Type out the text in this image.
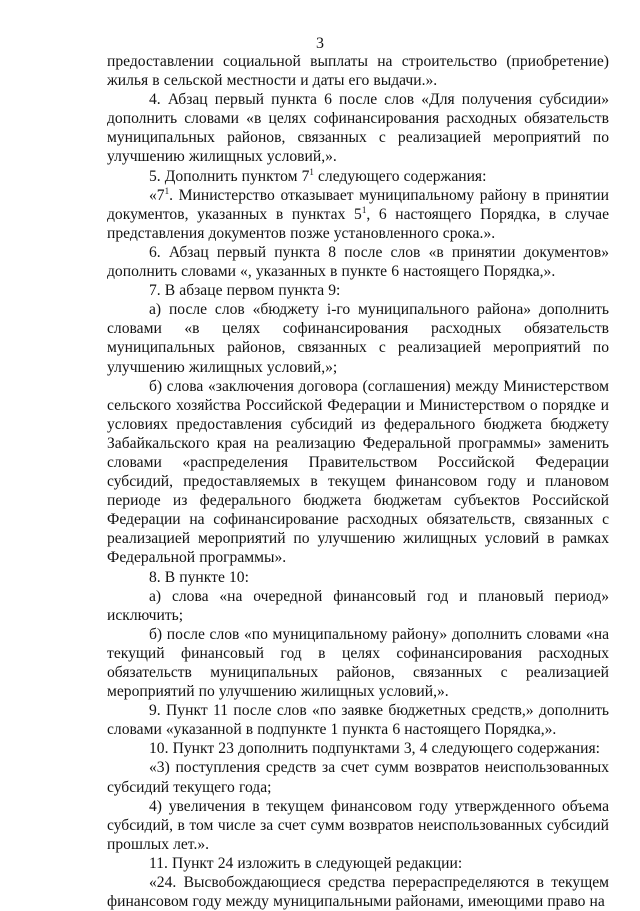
3

предоставлении социальной выплаты на строительство (приобретение) жилья в сельской местности и даты его выдачи.».

4. Абзац первый пункта 6 после слов «Для получения субсидии» дополнить словами «в целях софинансирования расходных обязательств муниципальных районов, связанных с реализацией мероприятий по улучшению жилищных условий,».

5. Дополнить пунктом $7^1$ следующего содержания:

«$7^1$. Министерство отказывает муниципальному району в принятии документов, указанных в пунктах $5^1$, 6 настоящего Порядка, в случае представления документов позже установленного срока.».

6. Абзац первый пункта 8 после слов «в принятии документов» дополнить словами «, указанных в пункте 6 настоящего Порядка,».

7. В абзаце первом пункта 9:

а) после слов «бюджету i-го муниципального района» дополнить словами «в целях софинансирования расходных обязательств муниципальных районов, связанных с реализацией мероприятий по улучшению жилищных условий,»;

б) слова «заключения договора (соглашения) между Министерством сельского хозяйства Российской Федерации и Министерством о порядке и условиях предоставления субсидий из федерального бюджета бюджету Забайкальского края на реализацию Федеральной программы» заменить словами «распределения Правительством Российской Федерации субсидий, предоставляемых в текущем финансовом году и плановом периоде из федерального бюджета бюджетам субъектов Российской Федерации на софинансирование расходных обязательств, связанных с реализацией мероприятий по улучшению жилищных условий в рамках Федеральной программы».

8. В пункте 10:

а) слова «на очередной финансовый год и плановый период» исключить;

б) после слов «по муниципальному району» дополнить словами «на текущий финансовый год в целях софинансирования расходных обязательств муниципальных районов, связанных с реализацией мероприятий по улучшению жилищных условий,».

9. Пункт 11 после слов «по заявке бюджетных средств,» дополнить словами «указанной в подпункте 1 пункта 6 настоящего Порядка,».

10. Пункт 23 дополнить подпунктами 3, 4 следующего содержания:

«3) поступления средств за счет сумм возвратов неиспользованных субсидий текущего года;

4) увеличения в текущем финансовом году утвержденного объема субсидий, в том числе за счет сумм возвратов неиспользованных субсидий прошлых лет.».

11. Пункт 24 изложить в следующей редакции:

«24. Высвобождающиеся средства перераспределяются в текущем финансовом году между муниципальными районами, имеющими право на
